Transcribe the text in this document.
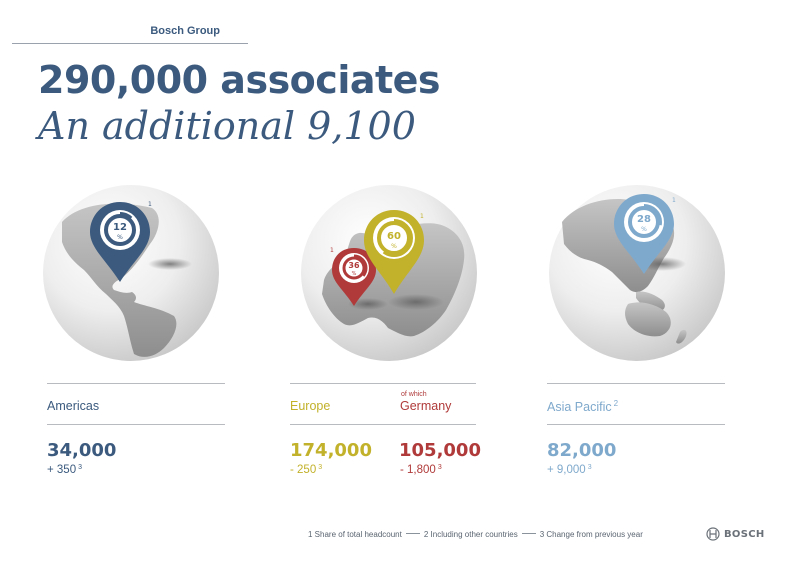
Bosch Group
290,000 associates
An additional 9,100
12
%
1
36
%
1
60
%
1	28
%
1
Americas
34,000
+ 350 $^3$
Europe
of which
Germany
174,000
- 250 $^3$
105,000
- 1,800 $^3$
Asia Pacific $^2$
82,000
+ 9,000 $^3$
1 Share of total headcount	2 Including other countries	3 Change from previous year	BOSCH
